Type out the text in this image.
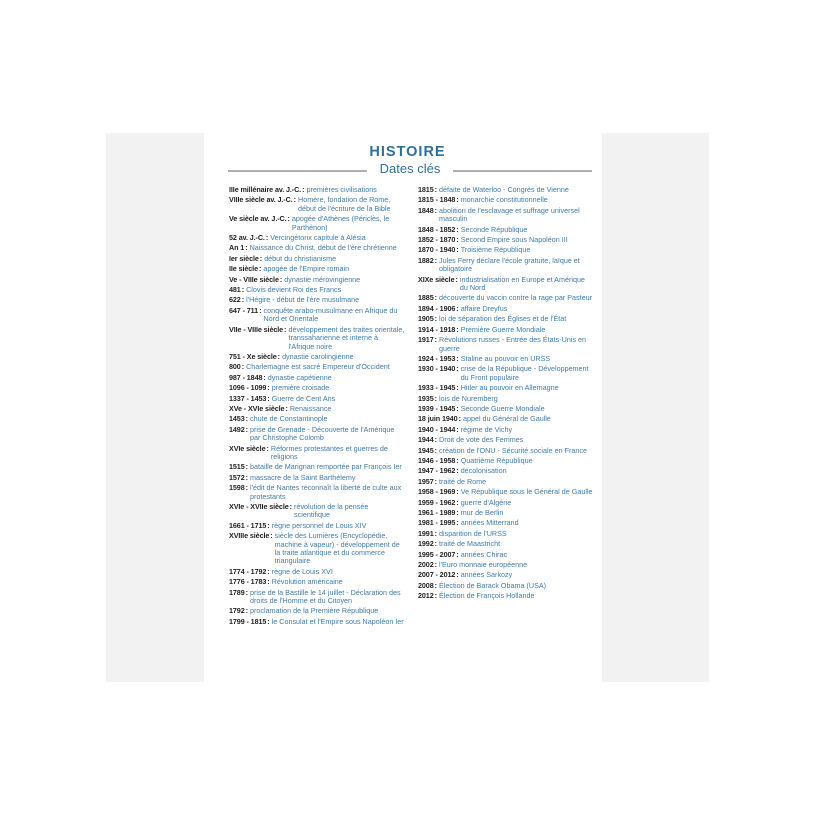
HISTOIRE
Dates clés
IIIe millénaire av. J.-C. : premières civilisations
VIIIe siècle av. J.-C. : Homère, fondation de Rome, début de l'écriture de la Bible
Ve siècle av. J.-C. : apogée d'Athènes (Périclès, le Parthénon)
52 av. J.-C. : Vercingétorix capitule à Alésia
An 1 : Naissance du Christ, début de l'ère chrétienne
Ier siècle : début du christianisme
IIe siècle : apogée de l'Empire romain
Ve - VIIIe siècle : dynastie mérovingienne
481 : Clovis devient Roi des Francs
622 : l'Hégire - début de l'ère musulmane
647 - 711 : conquête arabo-musulmane en Afrique du Nord et Orientale
VIIe - VIIIe siècle : développement des traites orientale, transsaharienne et interne à l'Afrique noire
751 - Xe siècle : dynastie carolingienne
800 : Charlemagne est sacré Empereur d'Occident
987 - 1848 : dynastie capétienne
1096 - 1099 : première croisade
1337 - 1453 : Guerre de Cent Ans
XVe - XVIe siècle : Renaissance
1453 : chute de Constantinople
1492 : prise de Grenade - Découverte de l'Amérique par Christophe Colomb
XVIe siècle : Réformes protestantes et guerres de religions
1515 : bataille de Marignan remportée par François Ier
1572 : massacre de la Saint Barthélemy
1598 : l'édit de Nantes reconnaît la liberté de culte aux protestants
XVIe - XVIIe siècle : révolution de la pensée scientifique
1661 - 1715 : règne personnel de Louis XIV
XVIIIe siècle : siècle des Lumières (Encyclopédie, machine à vapeur) - développement de la traite atlantique et du commerce triangulaire
1774 - 1792 : règne de Louis XVI
1776 - 1783 : Révolution américaine
1789 : prise de la Bastille le 14 juillet - Déclaration des droits de l'Homme et du Citoyen
1792 : proclamation de la Première République
1799 - 1815 : le Consulat et l'Empire sous Napoléon Ier
1815 : défaite de Waterloo - Congrès de Vienne
1815 - 1848 : monarchie constitutionnelle
1848 : abolition de l'esclavage et suffrage universel masculin
1848 - 1852 : Seconde République
1852 - 1870 : Second Empire sous Napoléon III
1870 - 1940 : Troisième République
1882 : Jules Ferry déclare l'école gratuite, laïque et obligatoire
XIXe siècle : industrialisation en Europe et Amérique du Nord
1885 : découverte du vaccin contre la rage par Pasteur
1894 - 1906 : affaire Dreyfus
1905 : loi de séparation des Églises et de l'État
1914 - 1918 : Première Guerre Mondiale
1917 : Révolutions russes - Entrée des États-Unis en guerre
1924 - 1953 : Staline au pouvoir en URSS
1930 - 1940 : crise de la République - Développement du Front populaire
1933 - 1945 : Hitler au pouvoir en Allemagne
1935 : lois de Nuremberg
1939 - 1945 : Seconde Guerre Mondiale
18 juin 1940 : appel du Général de Gaulle
1940 - 1944 : régime de Vichy
1944 : Droit de vote des Femmes
1945 : création de l'ONU - Sécurité sociale en France
1946 - 1958 : Quatrième République
1947 - 1962 : décolonisation
1957 : traité de Rome
1958 - 1969 : Ve République sous le Général de Gaulle
1959 - 1962 : guerre d'Algérie
1961 - 1989 : mur de Berlin
1981 - 1995 : années Mitterrand
1991 : disparition de l'URSS
1992 : traité de Maastricht
1995 - 2007 : années Chirac
2002 : l'Euro monnaie européenne
2007 - 2012 : années Sarkozy
2008 : Élection de Barack Obama (USA)
2012 : Élection de François Hollande
